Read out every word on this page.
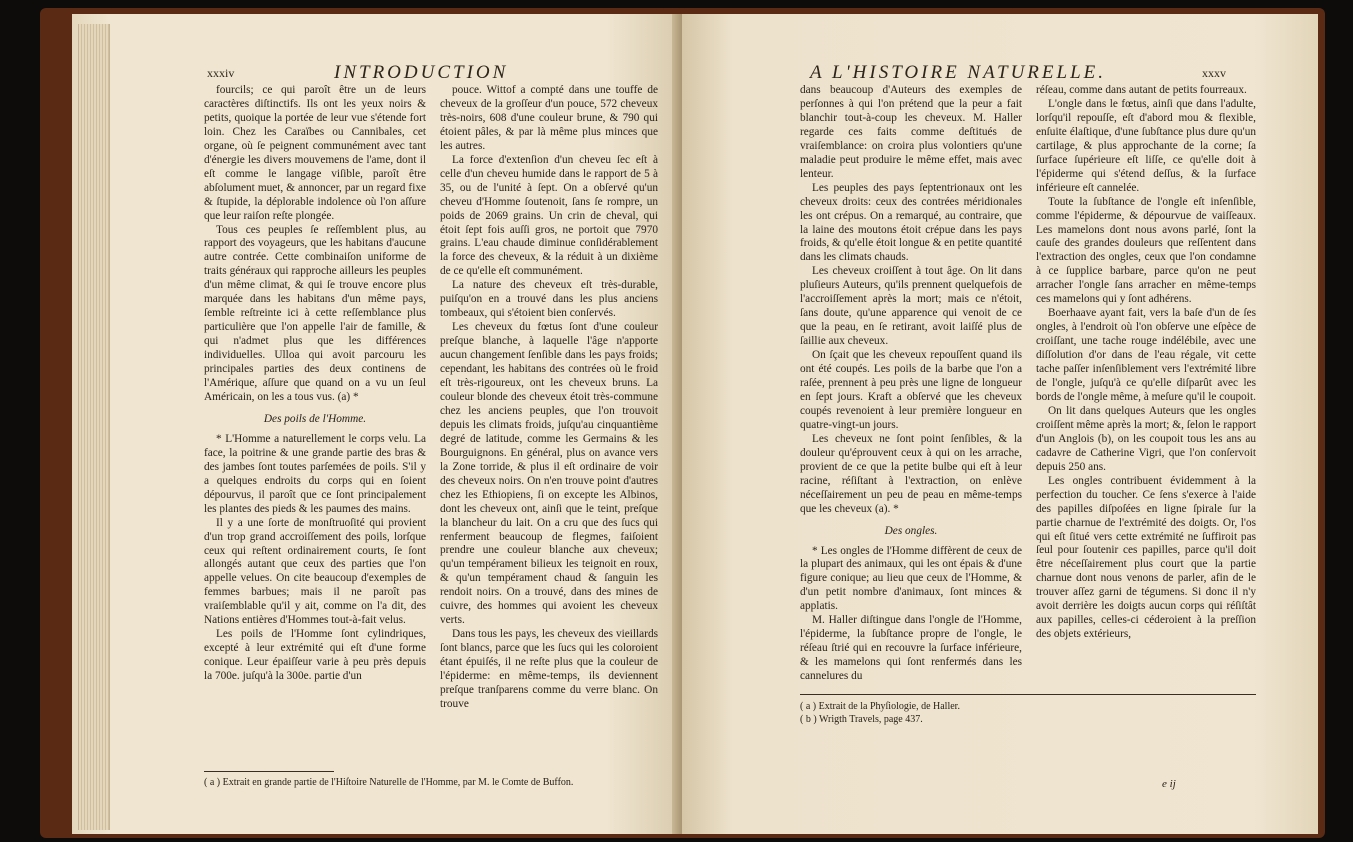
xxxiv	INTRODUCTION

fourcils; ce qui paroît être un de leurs caractères diſtinctifs. Ils ont les yeux noirs & petits, quoique la portée de leur vue s'étende fort loin. Chez les Caraïbes ou Cannibales, cet organe, où ſe peignent communément avec tant d'énergie les divers mouvemens de l'ame, dont il eſt comme le langage viſible, paroît être abſolument muet, & annoncer, par un regard fixe & ſtupide, la déplorable indolence où l'on aſſure que leur raiſon reſte plongée.

Tous ces peuples ſe reſſemblent plus, au rapport des voyageurs, que les habitans d'aucune autre contrée. Cette combinaiſon uniforme de traits généraux qui rapproche ailleurs les peuples d'un même climat, & qui ſe trouve encore plus marquée dans les habitans d'un même pays, ſemble reſtreinte ici à cette reſſemblance plus particulière que l'on appelle l'air de famille, & qui n'admet plus que les différences individuelles. Ulloa qui avoit parcouru les principales parties des deux continens de l'Amérique, aſſure que quand on a vu un ſeul Américain, on les a tous vus. (a) *

Des poils de l'Homme.

* L'Homme a naturellement le corps velu. La face, la poitrine & une grande partie des bras & des jambes ſont toutes parſemées de poils. S'il y a quelques endroits du corps qui en ſoient dépourvus, il paroît que ce ſont principalement les plantes des pieds & les paumes des mains.

Il y a une ſorte de monſtruoſité qui provient d'un trop grand accroiſſement des poils, lorſque ceux qui reſtent ordinairement courts, ſe ſont allongés autant que ceux des parties que l'on appelle velues. On cite beaucoup d'exemples de femmes barbues; mais il ne paroît pas vraiſemblable qu'il y ait, comme on l'a dit, des Nations entières d'Hommes tout-à-fait velus.

Les poils de l'Homme ſont cylindriques, excepté à leur extrémité qui eſt d'une forme conique. Leur épaiſſeur varie à peu près depuis la 700e. juſqu'à la 300e. partie d'un

pouce. Wittof a compté dans une touffe de cheveux de la groſſeur d'un pouce, 572 cheveux très-noirs, 608 d'une couleur brune, & 790 qui étoient pâles, & par là même plus minces que les autres.

La force d'extenſion d'un cheveu ſec eſt à celle d'un cheveu humide dans le rapport de 5 à 35, ou de l'unité à ſept. On a obſervé qu'un cheveu d'Homme ſoutenoit, ſans ſe rompre, un poids de 2069 grains. Un crin de cheval, qui étoit ſept fois auſſi gros, ne portoit que 7970 grains. L'eau chaude diminue conſidérablement la force des cheveux, & la réduit à un dixième de ce qu'elle eſt communément.

La nature des cheveux eſt très-durable, puiſqu'on en a trouvé dans les plus anciens tombeaux, qui s'étoient bien conſervés.

Les cheveux du fœtus ſont d'une couleur preſque blanche, à laquelle l'âge n'apporte aucun changement ſenſible dans les pays froids; cependant, les habitans des contrées où le froid eſt très-rigoureux, ont les cheveux bruns. La couleur blonde des cheveux étoit très-commune chez les anciens peuples, que l'on trouvoit depuis les climats froids, juſqu'au cinquantième degré de latitude, comme les Germains & les Bourguignons. En général, plus on avance vers la Zone torride, & plus il eſt ordinaire de voir des cheveux noirs. On n'en trouve point d'autres chez les Ethiopiens, ſi on excepte les Albinos, dont les cheveux ont, ainſi que le teint, preſque la blancheur du lait. On a cru que des ſucs qui renferment beaucoup de flegmes, faiſoient prendre une couleur blanche aux cheveux; qu'un tempérament bilieux les teignoit en roux, & qu'un tempérament chaud & ſanguin les rendoit noirs. On a trouvé, dans des mines de cuivre, des hommes qui avoient les cheveux verts.

Dans tous les pays, les cheveux des vieillards ſont blancs, parce que les ſucs qui les coloroient étant épuiſés, il ne reſte plus que la couleur de l'épiderme: en même-temps, ils deviennent preſque tranſparens comme du verre blanc. On trouve

( a ) Extrait en grande partie de l'Hiſtoire Naturelle de l'Homme, par M. le Comte de Buffon.
xxxv
A L'HISTOIRE NATURELLE.

dans beaucoup d'Auteurs des exemples de perſonnes à qui l'on prétend que la peur a fait blanchir tout-à-coup les cheveux. M. Haller regarde ces faits comme deſtitués de vraiſemblance: on croira plus volontiers qu'une maladie peut produire le même effet, mais avec lenteur.

Les peuples des pays ſeptentrionaux ont les cheveux droits: ceux des contrées méridionales les ont crépus. On a remarqué, au contraire, que la laine des moutons étoit crépue dans les pays froids, & qu'elle étoit longue & en petite quantité dans les climats chauds.

Les cheveux croiſſent à tout âge. On lit dans pluſieurs Auteurs, qu'ils prennent quelquefois de l'accroiſſement après la mort; mais ce n'étoit, ſans doute, qu'une apparence qui venoit de ce que la peau, en ſe retirant, avoit laiſſé plus de ſaillie aux cheveux.

On ſçait que les cheveux repouſſent quand ils ont été coupés. Les poils de la barbe que l'on a raſée, prennent à peu près une ligne de longueur en ſept jours. Kraft a obſervé que les cheveux coupés revenoient à leur première longueur en quatre-vingt-un jours.

Les cheveux ne ſont point ſenſibles, & la douleur qu'éprouvent ceux à qui on les arrache, provient de ce que la petite bulbe qui eſt à leur racine, réſiſtant à l'extraction, on enlève néceſſairement un peu de peau en même-temps que les cheveux (a). *

Des ongles.

* Les ongles de l'Homme diffèrent de ceux de la plupart des animaux, qui les ont épais & d'une figure conique; au lieu que ceux de l'Homme, & d'un petit nombre d'animaux, ſont minces & applatis.

M. Haller diſtingue dans l'ongle de l'Homme, l'épiderme, la ſubſtance propre de l'ongle, le réſeau ſtrié qui en recouvre la ſurface inférieure, & les mamelons qui ſont renfermés dans les cannelures du

réſeau, comme dans autant de petits fourreaux.

L'ongle dans le fœtus, ainſi que dans l'adulte, lorſqu'il repouſſe, eſt d'abord mou & flexible, enſuite élaſtique, d'une ſubſtance plus dure qu'un cartilage, & plus approchante de la corne; ſa ſurface ſupérieure eſt liſſe, ce qu'elle doit à l'épiderme qui s'étend deſſus, & la ſurface inférieure eſt cannelée.

Toute la ſubſtance de l'ongle eſt inſenſible, comme l'épiderme, & dépourvue de vaiſſeaux. Les mamelons dont nous avons parlé, ſont la cauſe des grandes douleurs que reſſentent dans l'extraction des ongles, ceux que l'on condamne à ce ſupplice barbare, parce qu'on ne peut arracher l'ongle ſans arracher en même-temps ces mamelons qui y ſont adhérens.

Boerhaave ayant fait, vers la baſe d'un de ſes ongles, à l'endroit où l'on obſerve une eſpèce de croiſſant, une tache rouge indélébile, avec une diſſolution d'or dans de l'eau régale, vit cette tache paſſer inſenſiblement vers l'extrémité libre de l'ongle, juſqu'à ce qu'elle diſparût avec les bords de l'ongle même, à meſure qu'il le coupoit.

On lit dans quelques Auteurs que les ongles croiſſent même après la mort; &, ſelon le rapport d'un Anglois (b), on les coupoit tous les ans au cadavre de Catherine Vigri, que l'on conſervoit depuis 250 ans.

Les ongles contribuent évidemment à la perfection du toucher. Ce ſens s'exerce à l'aide des papilles diſpoſées en ligne ſpirale ſur la partie charnue de l'extrémité des doigts. Or, l'os qui eſt ſitué vers cette extrémité ne ſuffiroit pas ſeul pour ſoutenir ces papilles, parce qu'il doit être néceſſairement plus court que la partie charnue dont nous venons de parler, afin de le trouver aſſez garni de tégumens. Si donc il n'y avoit derrière les doigts aucun corps qui réſiſtât aux papilles, celles-ci céderoient à la preſſion des objets extérieurs,

( a ) Extrait de la Phyſiologie, de Haller.
( b ) Wrigth Travels, page 437.
e ij
